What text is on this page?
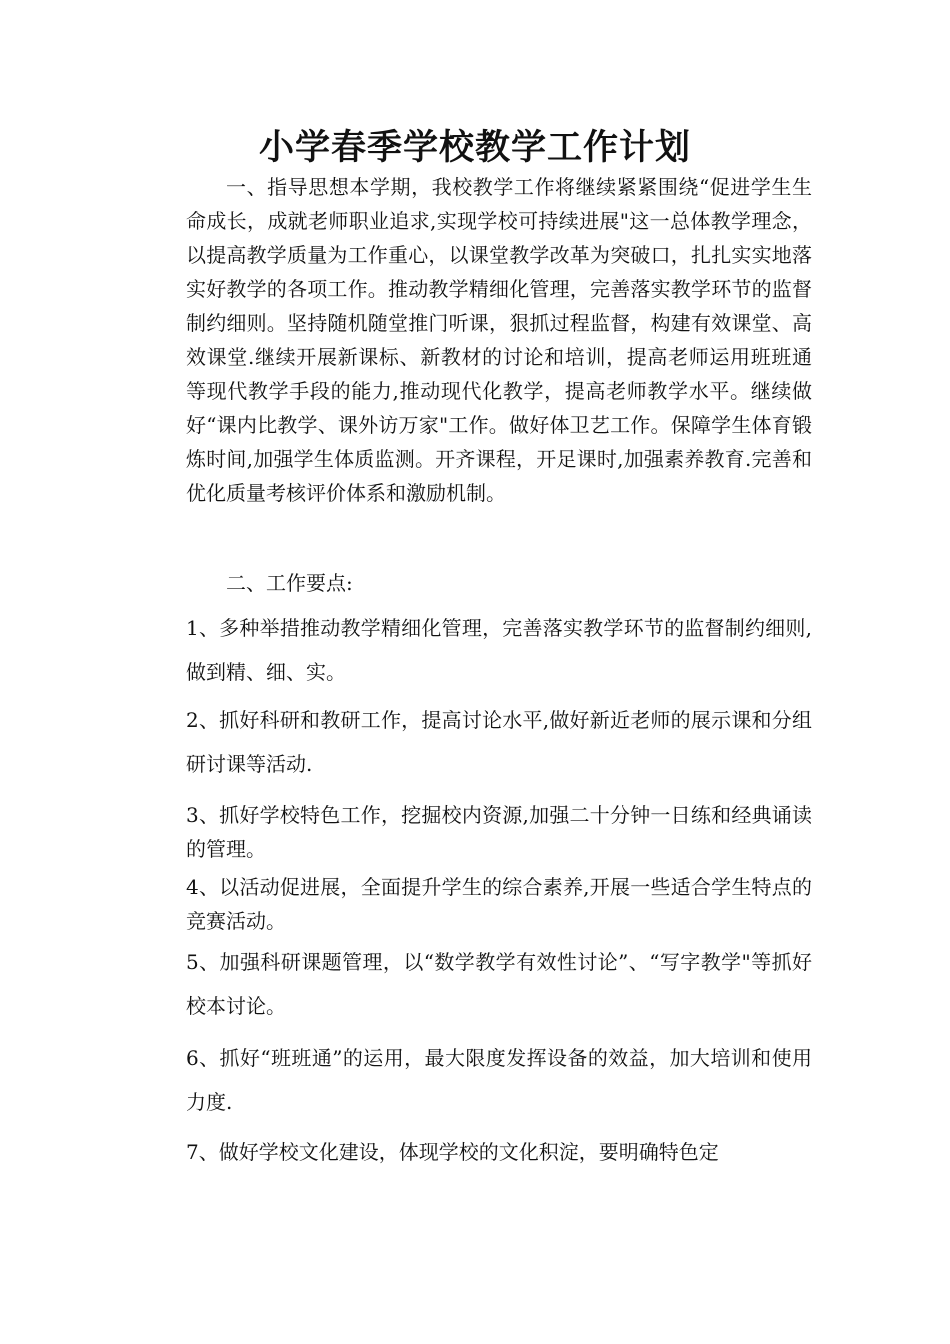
小学春季学校教学工作计划

一、指导思想本学期，我校教学工作将继续紧紧围绕“促进学生生命成长，成就老师职业追求,实现学校可持续进展"这一总体教学理念，以提高教学质量为工作重心，以课堂教学改革为突破口，扎扎实实地落实好教学的各项工作。推动教学精细化管理，完善落实教学环节的监督制约细则。坚持随机随堂推门听课，狠抓过程监督，构建有效课堂、高效课堂.继续开展新课标、新教材的讨论和培训，提高老师运用班班通等现代教学手段的能力,推动现代化教学，提高老师教学水平。继续做好“课内比教学、课外访万家"工作。做好体卫艺工作。保障学生体育锻炼时间,加强学生体质监测。开齐课程，开足课时,加强素养教育.完善和优化质量考核评价体系和激励机制。

二、工作要点:

1、多种举措推动教学精细化管理，完善落实教学环节的监督制约细则,做到精、细、实。

2、抓好科研和教研工作，提高讨论水平,做好新近老师的展示课和分组研讨课等活动.

3、抓好学校特色工作，挖掘校内资源,加强二十分钟一日练和经典诵读的管理。

4、以活动促进展，全面提升学生的综合素养,开展一些适合学生特点的竞赛活动。

5、加强科研课题管理，以“数学教学有效性讨论”、“写字教学"等抓好校本讨论。

6、抓好“班班通”的运用，最大限度发挥设备的效益，加大培训和使用力度.

7、做好学校文化建设，体现学校的文化积淀，要明确特色定
